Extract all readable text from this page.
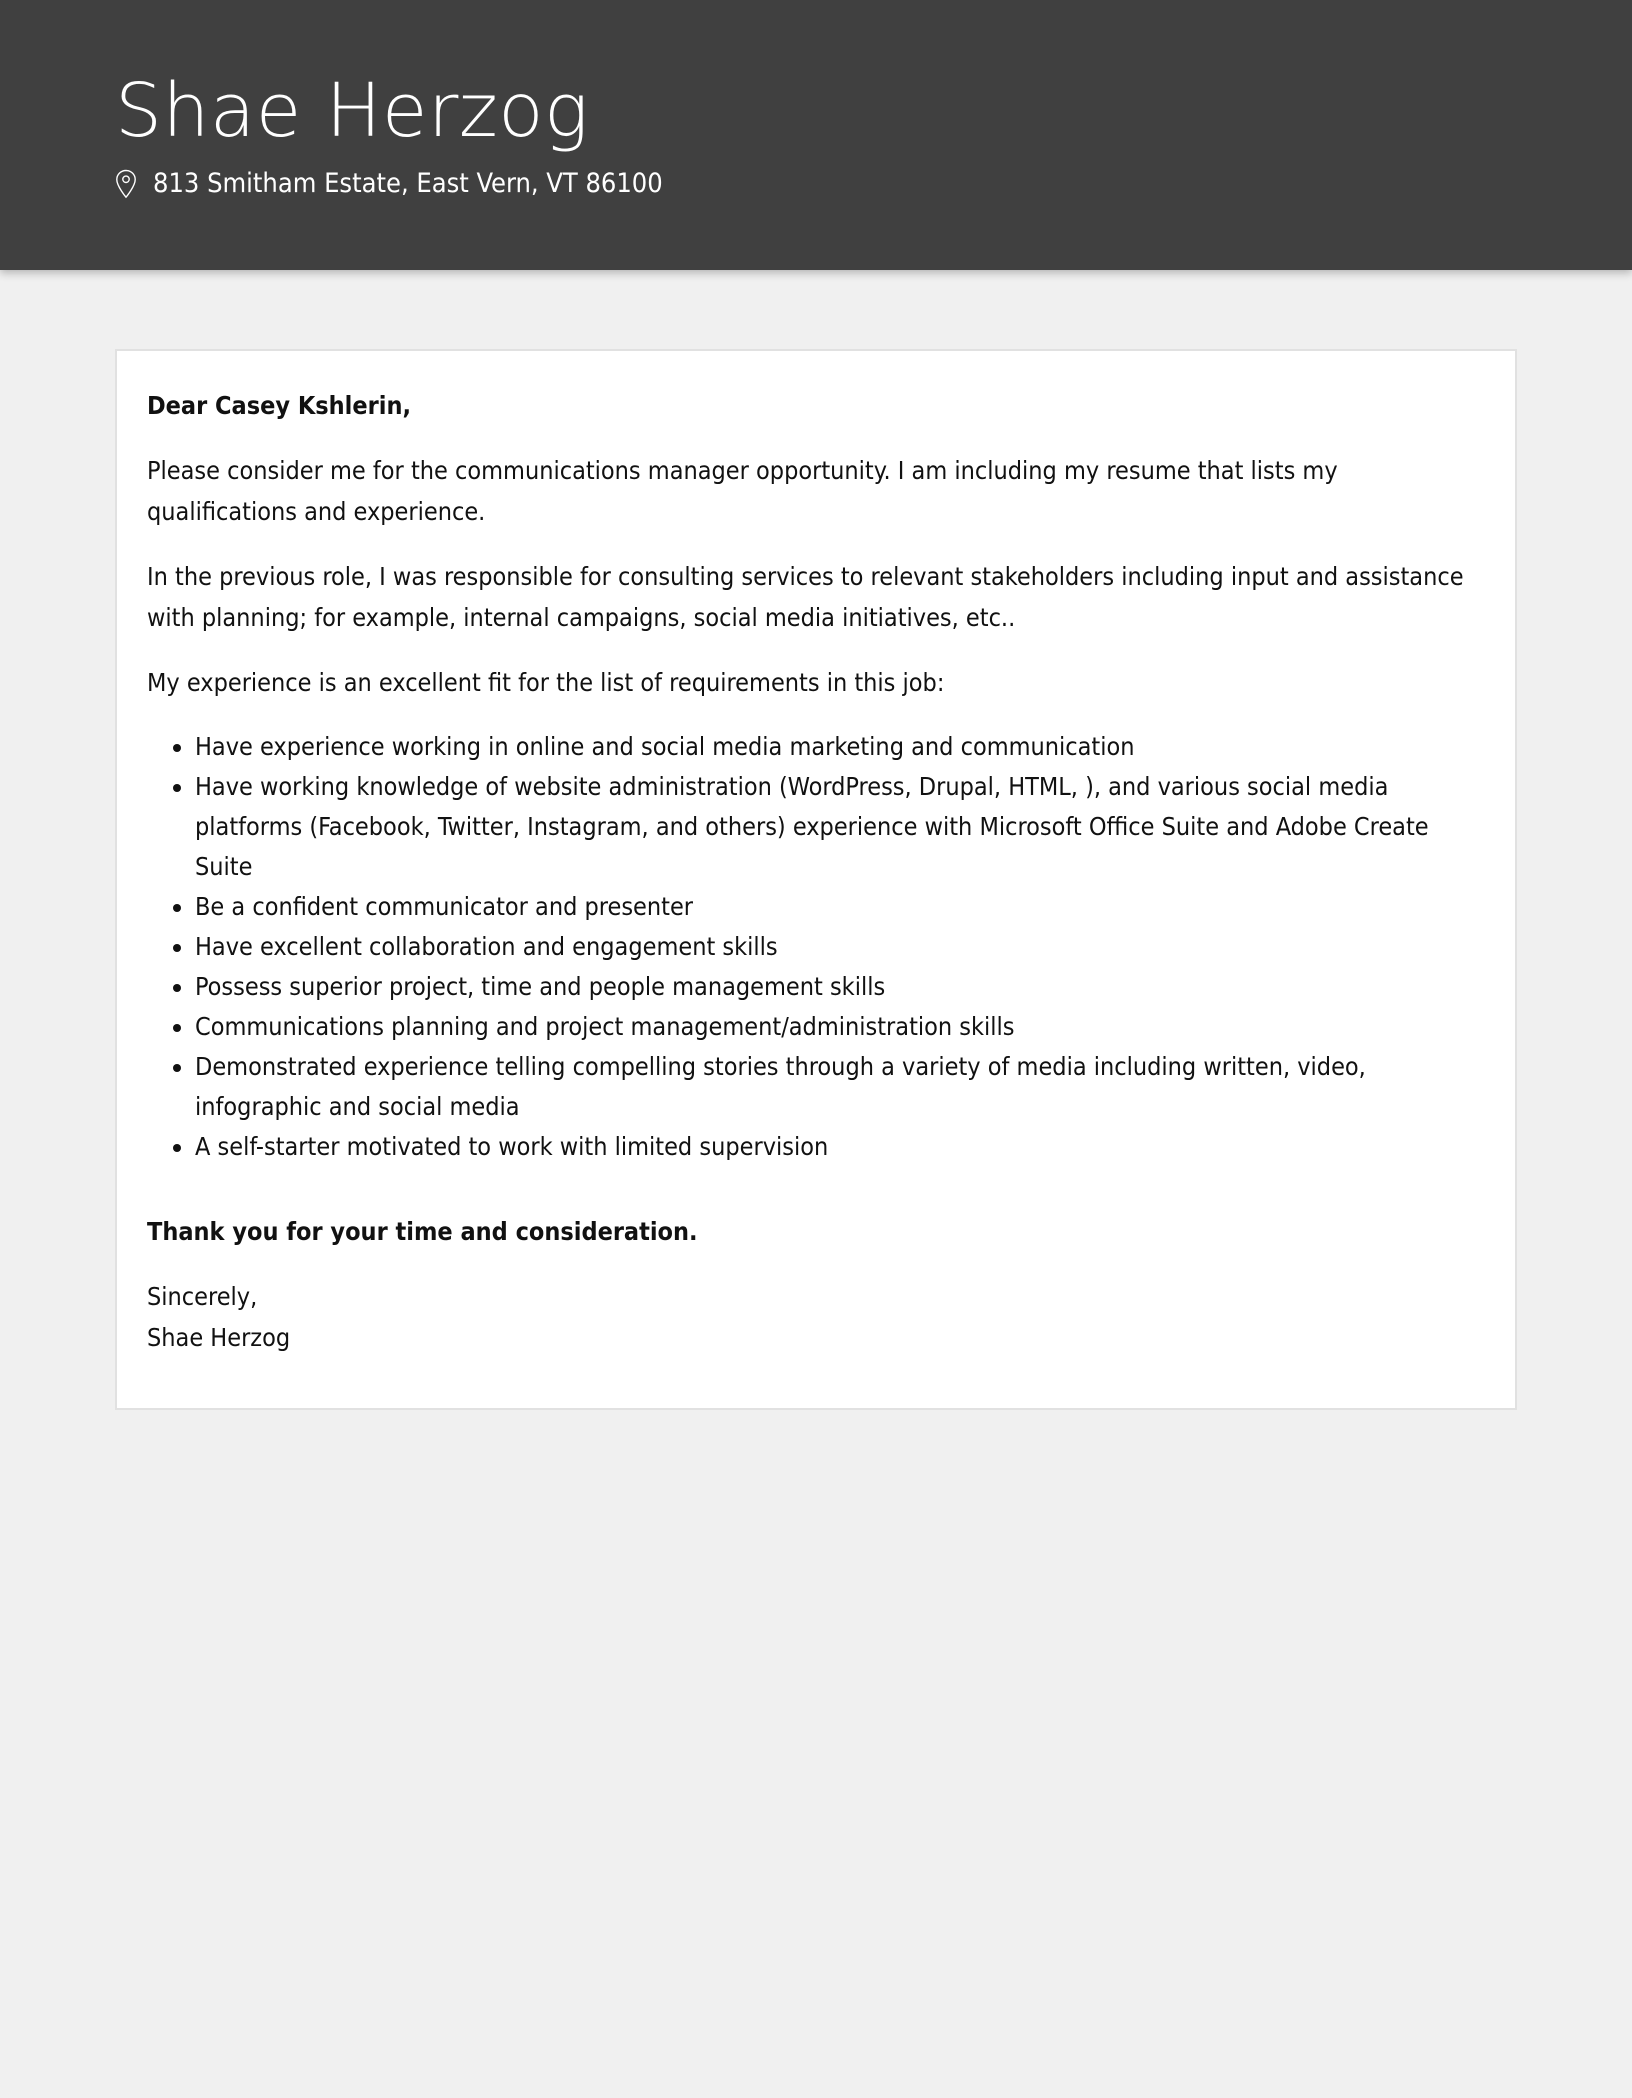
Shae Herzog
813 Smitham Estate, East Vern, VT 86100

Dear Casey Kshlerin,

Please consider me for the communications manager opportunity. I am including my resume that lists my qualifications and experience.

In the previous role, I was responsible for consulting services to relevant stakeholders including input and assistance with planning; for example, internal campaigns, social media initiatives, etc..

My experience is an excellent fit for the list of requirements in this job:

• Have experience working in online and social media marketing and communication
• Have working knowledge of website administration (WordPress, Drupal, HTML, ), and various social media platforms (Facebook, Twitter, Instagram, and others) experience with Microsoft Office Suite and Adobe Create Suite
• Be a confident communicator and presenter
• Have excellent collaboration and engagement skills
• Possess superior project, time and people management skills
• Communications planning and project management/administration skills
• Demonstrated experience telling compelling stories through a variety of media including written, video, infographic and social media
• A self-starter motivated to work with limited supervision

Thank you for your time and consideration.

Sincerely,

Shae Herzog
